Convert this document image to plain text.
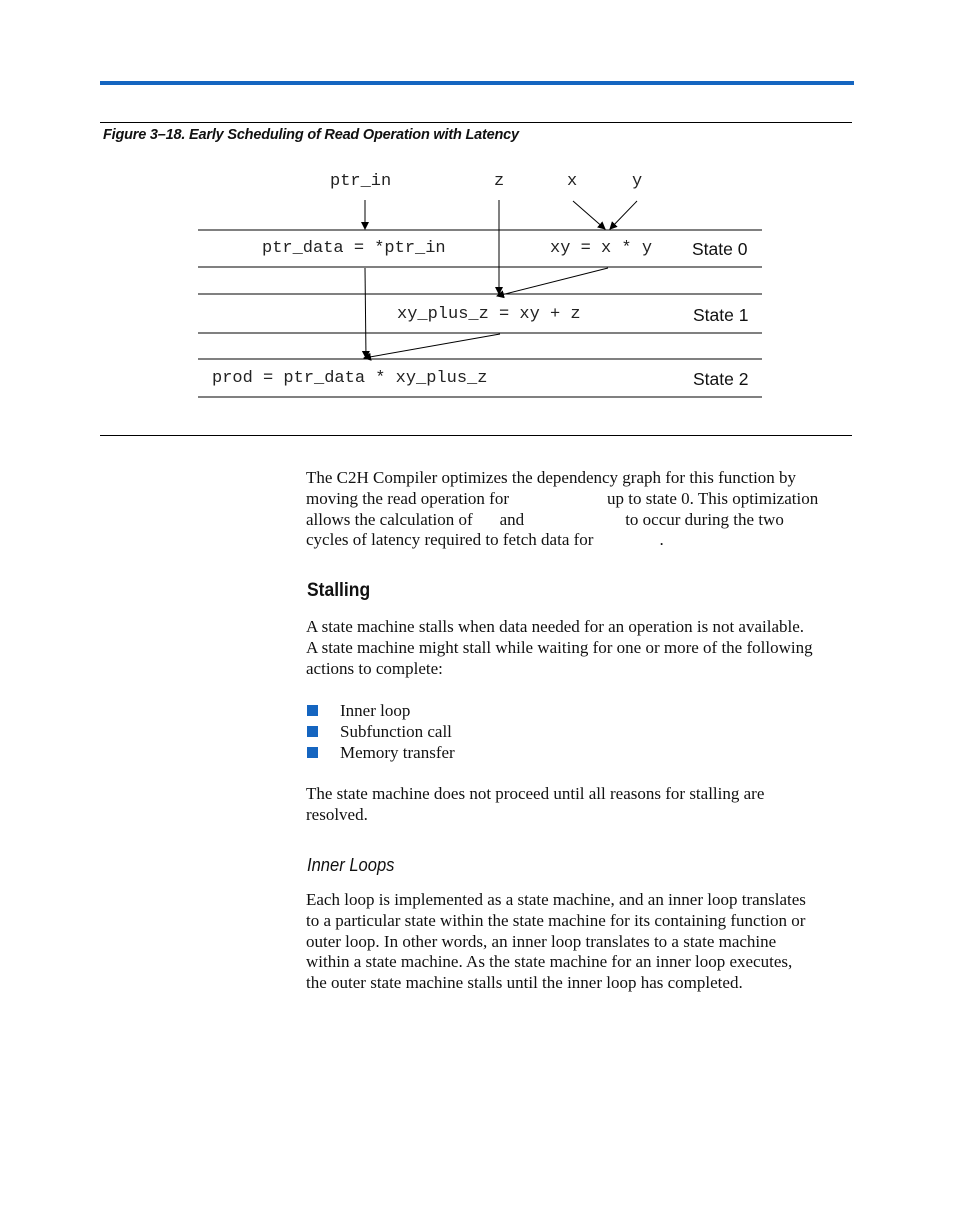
Figure 3–18. Early Scheduling of Read Operation with Latency
ptr_in	z	x	y
ptr_data = *ptr_in	xy = x * y State 0
xy_plus_z = xy + z	State 1
prod = ptr_data * xy_plus_z	State 2
The C2H Compiler optimizes the dependency graph for this function by
moving the read operation for	up to state 0. This optimization
allows the calculation of and	to occur during the two
cycles of latency required to fetch data for	.
Stalling
A state machine stalls when data needed for an operation is not available.
A state machine might stall while waiting for one or more of the following
actions to complete:
Inner loop
Subfunction call
Memory transfer
The state machine does not proceed until all reasons for stalling are
resolved.
Inner Loops
Each loop is implemented as a state machine, and an inner loop translates
to a particular state within the state machine for its containing function or
outer loop. In other words, an inner loop translates to a state machine
within a state machine. As the state machine for an inner loop executes,
the outer state machine stalls until the inner loop has completed.
